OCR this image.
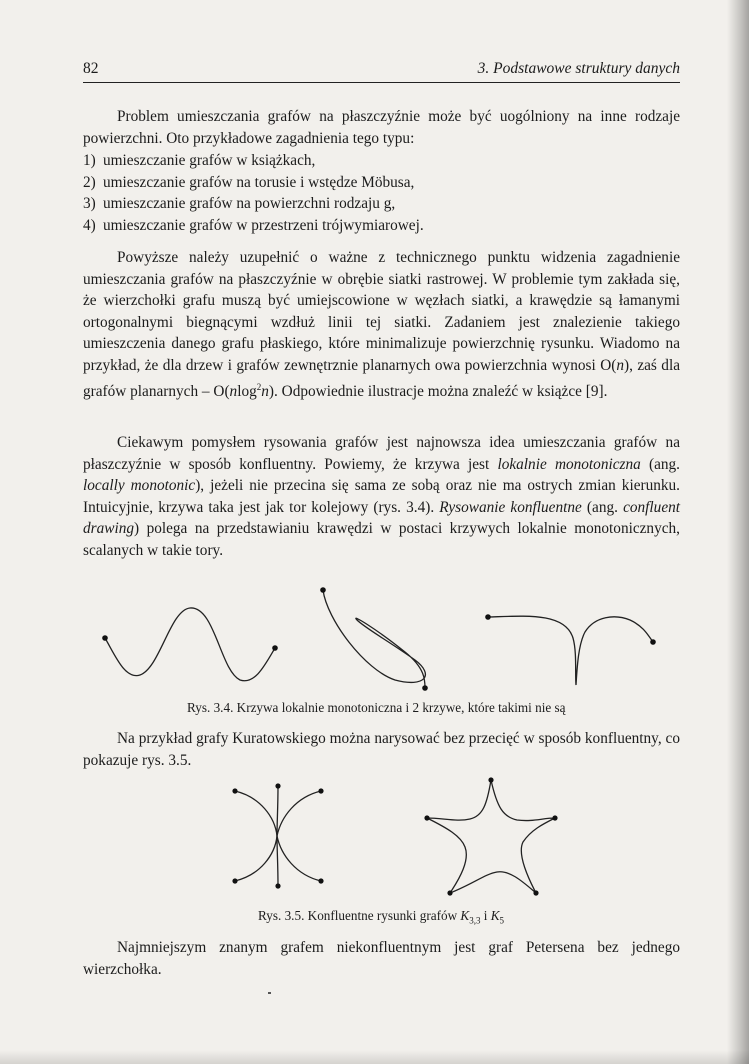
82	3. Podstawowe struktury danych

Problem umieszczania grafów na płaszczyźnie może być uogólniony na inne rodzaje powierzchni. Oto przykładowe zagadnienia tego typu:

1) umieszczanie grafów w książkach,
2) umieszczanie grafów na torusie i wstędze Möbusa,
3) umieszczanie grafów na powierzchni rodzaju g,
4) umieszczanie grafów w przestrzeni trójwymiarowej.

Powyższe należy uzupełnić o ważne z technicznego punktu widzenia zagadnienie umieszczania grafów na płaszczyźnie w obrębie siatki rastrowej. W problemie tym zakłada się, że wierzchołki grafu muszą być umiejscowione w węzłach siatki, a krawędzie są łamanymi ortogonalnymi biegnącymi wzdłuż linii tej siatki. Zadaniem jest znalezienie takiego umieszczenia danego grafu płaskiego, które minimalizuje powierzchnię rysunku. Wiadomo na przykład, że dla drzew i grafów zewnętrznie planarnych owa powierzchnia wynosi O(n), zaś dla grafów planarnych – O(nlog$^2$n). Odpowiednie ilustracje można znaleźć w książce [9].

Ciekawym pomysłem rysowania grafów jest najnowsza idea umieszczania grafów na płaszczyźnie w sposób konfluentny. Powiemy, że krzywa jest lokalnie monotoniczna (ang. locally monotonic), jeżeli nie przecina się sama ze sobą oraz nie ma ostrych zmian kierunku. Intuicyjnie, krzywa taka jest jak tor kolejowy (rys. 3.4). Rysowanie konfluentne (ang. confluent drawing) polega na przedstawianiu krawędzi w postaci krzywych lokalnie monotonicznych, scalanych w takie tory.

Rys. 3.4. Krzywa lokalnie monotoniczna i 2 krzywe, które takimi nie są

Na przykład grafy Kuratowskiego można narysować bez przecięć w sposób konfluentny, co pokazuje rys. 3.5.

Rys. 3.5. Konfluentne rysunki grafów $K_{3,3}$ i $K_5$

Najmniejszym znanym grafem niekonfluentnym jest graf Petersena bez jednego wierzchołka.
